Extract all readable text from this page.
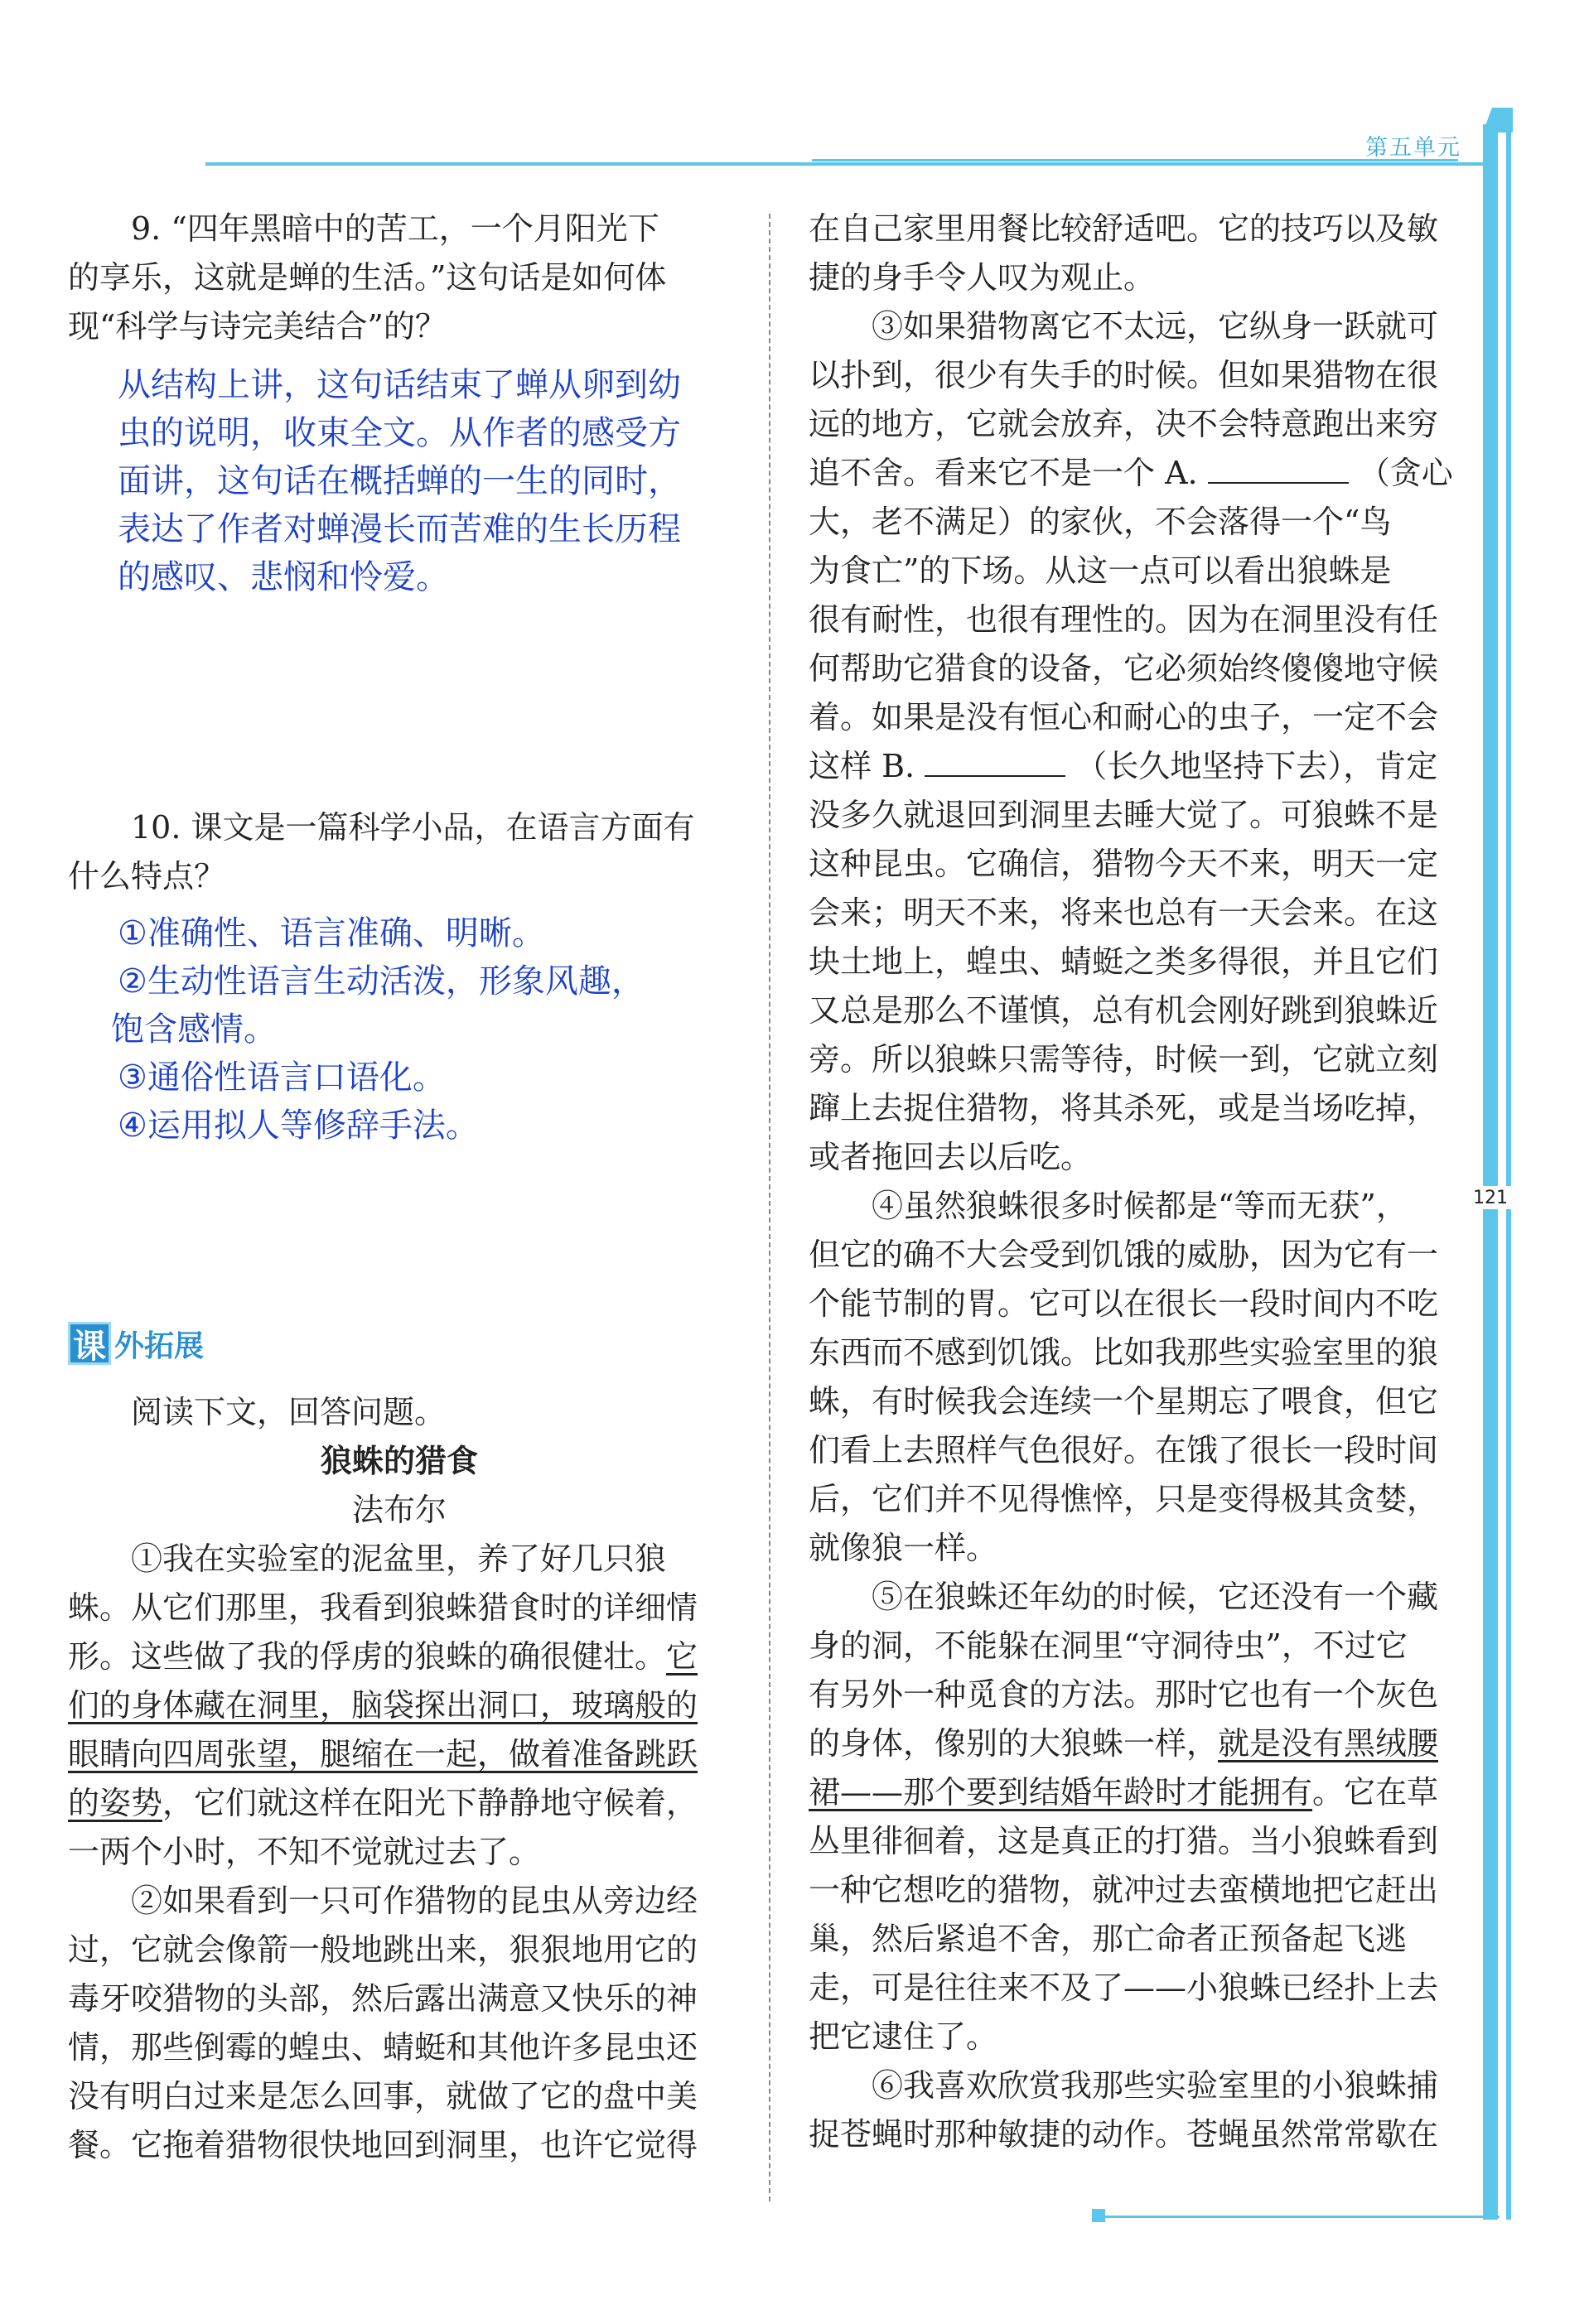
第五单元
121
9. “四年黑暗中的苦工，一个月阳光下
的享乐，这就是蝉的生活。”这句话是如何体
现“科学与诗完美结合”的？
从结构上讲，这句话结束了蝉从卵到幼
虫的说明，收束全文。从作者的感受方
面讲，这句话在概括蝉的一生的同时，
表达了作者对蝉漫长而苦难的生长历程
的感叹、悲悯和怜爱。
10. 课文是一篇科学小品，在语言方面有
什么特点？
①准确性、语言准确、明晰。
②生动性语言生动活泼，形象风趣，
饱含感情。
③通俗性语言口语化。
④运用拟人等修辞手法。
课 外拓展
阅读下文，回答问题。
狼蛛的猎食
法布尔
①我在实验室的泥盆里，养了好几只狼
蛛。从它们那里，我看到狼蛛猎食时的详细情
形。这些做了我的俘虏的狼蛛的确很健壮。它
们的身体藏在洞里，脑袋探出洞口，玻璃般的
眼睛向四周张望，腿缩在一起，做着准备跳跃
的姿势，它们就这样在阳光下静静地守候着，
一两个小时，不知不觉就过去了。
②如果看到一只可作猎物的昆虫从旁边经
过，它就会像箭一般地跳出来，狠狠地用它的
毒牙咬猎物的头部，然后露出满意又快乐的神
情，那些倒霉的蝗虫、蜻蜓和其他许多昆虫还
没有明白过来是怎么回事，就做了它的盘中美
餐。它拖着猎物很快地回到洞里，也许它觉得
在自己家里用餐比较舒适吧。它的技巧以及敏
捷的身手令人叹为观止。
③如果猎物离它不太远，它纵身一跃就可
以扑到，很少有失手的时候。但如果猎物在很
远的地方，它就会放弃，决不会特意跑出来穷
追不舍。看来它不是一个 A.	（贪心
大，老不满足）的家伙，不会落得一个“鸟
为食亡”的下场。从这一点可以看出狼蛛是
很有耐性，也很有理性的。因为在洞里没有任
何帮助它猎食的设备，它必须始终傻傻地守候
着。如果是没有恒心和耐心的虫子，一定不会
这样 B.	（长久地坚持下去），肯定
没多久就退回到洞里去睡大觉了。可狼蛛不是
这种昆虫。它确信，猎物今天不来，明天一定
会来；明天不来，将来也总有一天会来。在这
块土地上，蝗虫、蜻蜓之类多得很，并且它们
又总是那么不谨慎，总有机会刚好跳到狼蛛近
旁。所以狼蛛只需等待，时候一到，它就立刻
蹿上去捉住猎物，将其杀死，或是当场吃掉，
或者拖回去以后吃。
④虽然狼蛛很多时候都是“等而无获”，
但它的确不大会受到饥饿的威胁，因为它有一
个能节制的胃。它可以在很长一段时间内不吃
东西而不感到饥饿。比如我那些实验室里的狼
蛛，有时候我会连续一个星期忘了喂食，但它
们看上去照样气色很好。在饿了很长一段时间
后，它们并不见得憔悴，只是变得极其贪婪，
就像狼一样。
⑤在狼蛛还年幼的时候，它还没有一个藏
身的洞，不能躲在洞里“守洞待虫”，不过它
有另外一种觅食的方法。那时它也有一个灰色
的身体，像别的大狼蛛一样，就是没有黑绒腰
裙——那个要到结婚年龄时才能拥有。它在草
丛里徘徊着，这是真正的打猎。当小狼蛛看到
一种它想吃的猎物，就冲过去蛮横地把它赶出
巢，然后紧追不舍，那亡命者正预备起飞逃
走，可是往往来不及了——小狼蛛已经扑上去
把它逮住了。
⑥我喜欢欣赏我那些实验室里的小狼蛛捕
捉苍蝇时那种敏捷的动作。苍蝇虽然常常歇在
